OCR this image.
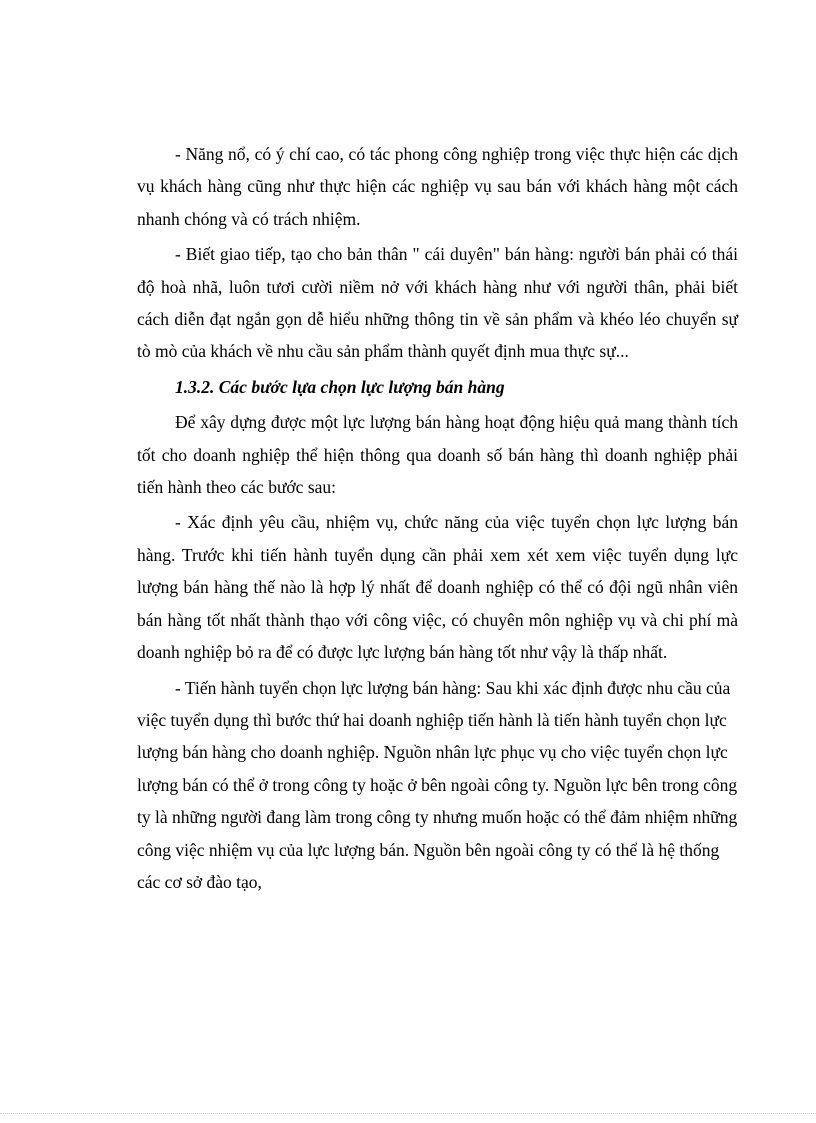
- Năng nổ, có ý chí cao, có tác phong công nghiệp trong việc thực hiện các dịch vụ khách hàng cũng như thực hiện các nghiệp vụ sau bán với khách hàng một cách nhanh chóng và có trách nhiệm.

- Biết giao tiếp, tạo cho bản thân " cái duyên" bán hàng: người bán phải có thái độ hoà nhã, luôn tươi cười niềm nở với khách hàng như với người thân, phải biết cách diễn đạt ngắn gọn dễ hiểu những thông tin về sản phẩm và khéo léo chuyển sự tò mò của khách về nhu cầu sản phẩm thành quyết định mua thực sự...

1.3.2. Các bước lựa chọn lực lượng bán hàng

Để xây dựng được một lực lượng bán hàng hoạt động hiệu quả mang thành tích tốt cho doanh nghiệp thể hiện thông qua doanh số bán hàng thì doanh nghiệp phải tiến hành theo các bước sau:

- Xác định yêu cầu, nhiệm vụ, chức năng của việc tuyển chọn lực lượng bán hàng. Trước khi tiến hành tuyển dụng cần phải xem xét xem việc tuyển dụng lực lượng bán hàng thế nào là hợp lý nhất để doanh nghiệp có thể có đội ngũ nhân viên bán hàng tốt nhất thành thạo với công việc, có chuyên môn nghiệp vụ và chi phí mà doanh nghiệp bỏ ra để có được lực lượng bán hàng tốt như vậy là thấp nhất.

- Tiến hành tuyển chọn lực lượng bán hàng: Sau khi xác định được nhu cầu của việc tuyển dụng thì bước thứ hai doanh nghiệp tiến hành là tiến hành tuyển chọn lực lượng bán hàng cho doanh nghiệp. Nguồn nhân lực phục vụ cho việc tuyển chọn lực lượng bán có thể ở trong công ty hoặc ở bên ngoài công ty. Nguồn lực bên trong công ty là những người đang làm trong công ty nhưng muốn hoặc có thể đảm nhiệm những công việc nhiệm vụ của lực lượng bán. Nguồn bên ngoài công ty có thể là hệ thống các cơ sở đào tạo,
